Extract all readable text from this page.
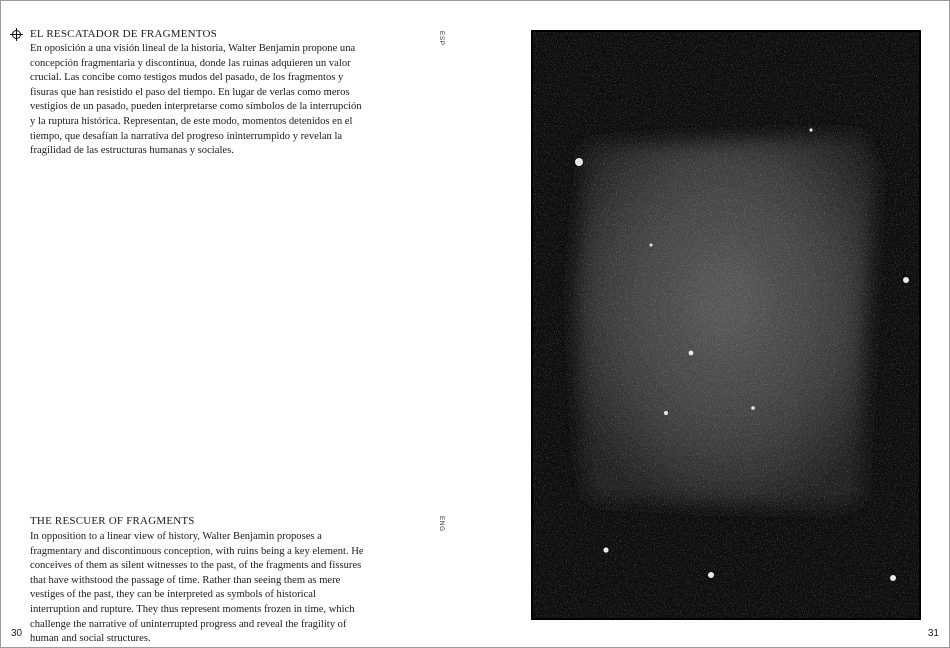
EL RESCATADOR DE FRAGMENTOS

En oposición a una visión lineal de la historia, Walter Benjamin propone una concepción fragmentaria y discontinua, donde las ruinas adquieren un valor crucial. Las concibe como testigos mudos del pasado, de los fragmentos y fisuras que han resistido el paso del tiempo. En lugar de verlas como meros vestigios de un pasado, pueden interpretarse como símbolos de la interrupción y la ruptura histórica. Representan, de este modo, momentos detenidos en el tiempo, que desafían la narrativa del progreso ininterrumpido y revelan la fragilidad de las estructuras humanas y sociales.

ESP
THE RESCUER OF FRAGMENTS

In opposition to a linear view of history, Walter Benjamin proposes a fragmentary and discontinuous conception, with ruins being a key element. He conceives of them as silent witnesses to the past, of the fragments and fissures that have withstood the passage of time. Rather than seeing them as mere vestiges of the past, they can be interpreted as symbols of historical interruption and rupture. They thus represent moments frozen in time, which challenge the narrative of uninterrupted progress and reveal the fragility of human and social structures.

ENG
30	31
